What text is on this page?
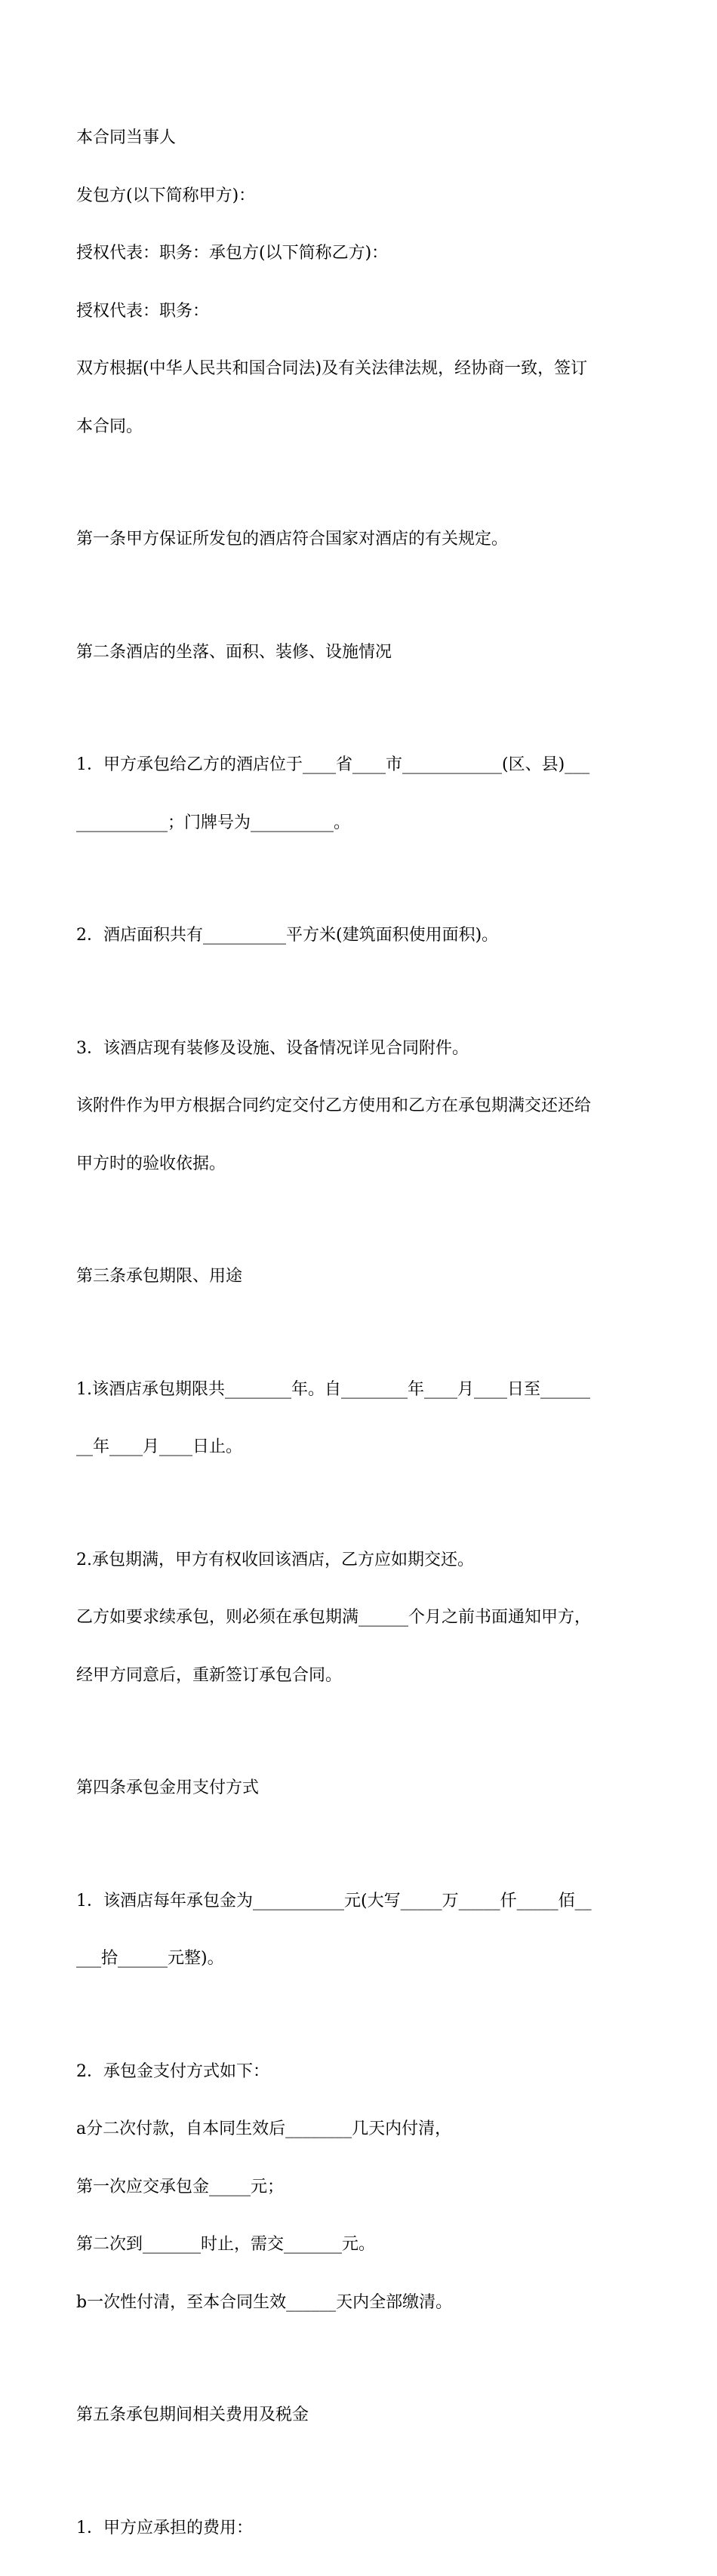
本合同当事人

发包方(以下简称甲方)：

授权代表：职务：承包方(以下简称乙方)：

授权代表：职务：

双方根据(中华人民共和国合同法)及有关法律法规，经协商一致，签订

本合同。

第一条甲方保证所发包的酒店符合国家对酒店的有关规定。

第二条酒店的坐落、面积、装修、设施情况

1．甲方承包给乙方的酒店位于____省____市____________(区、县)___

___________；门牌号为__________。

2．酒店面积共有__________平方米(建筑面积使用面积)。

3．该酒店现有装修及设施、设备情况详见合同附件。

该附件作为甲方根据合同约定交付乙方使用和乙方在承包期满交还还给

甲方时的验收依据。

第三条承包期限、用途

1.该酒店承包期限共________年。自________年____月____日至______

__年____月____日止。

2.承包期满，甲方有权收回该酒店，乙方应如期交还。

乙方如要求续承包，则必须在承包期满______个月之前书面通知甲方，

经甲方同意后，重新签订承包合同。

第四条承包金用支付方式

1．该酒店每年承包金为___________元(大写_____万_____仟_____佰__

___拾______元整)。

2．承包金支付方式如下：

a分二次付款，自本同生效后________几天内付清，

第一次应交承包金_____元；

第二次到_______时止，需交_______元。

b一次性付清，至本合同生效______天内全部缴清。

第五条承包期间相关费用及税金

1．甲方应承担的费用：
